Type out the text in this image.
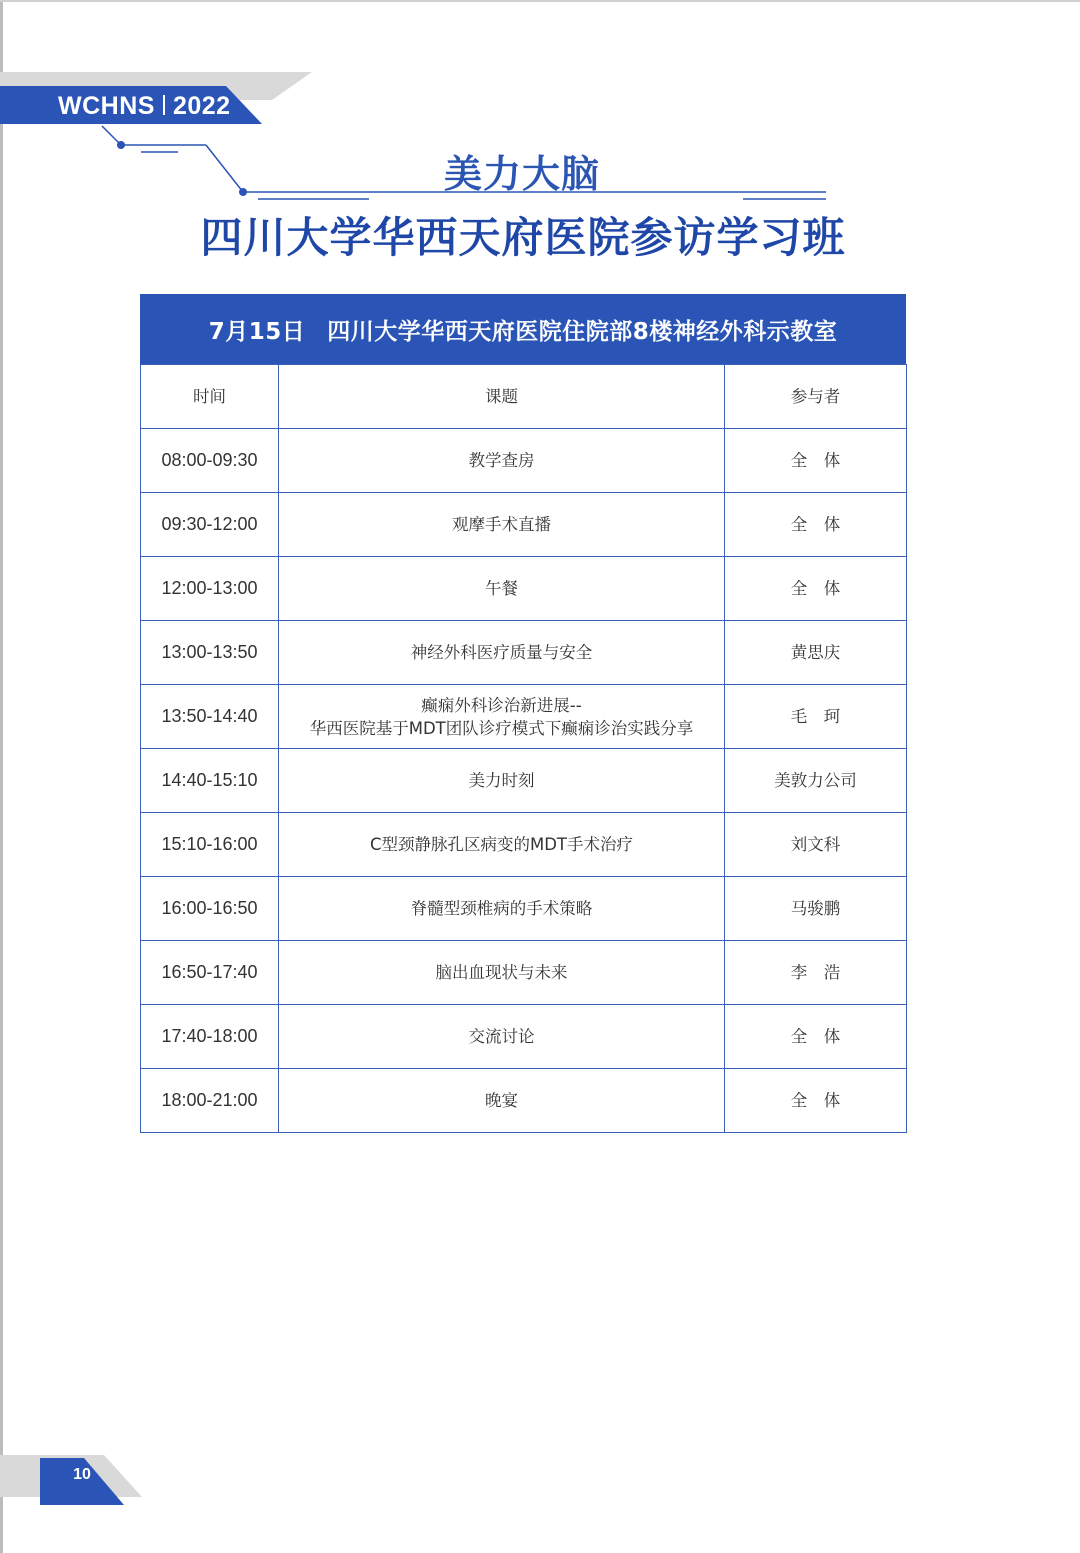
WCHNS 2022
美力大脑
四川大学华西天府医院参访学习班
7月15日 四川大学华西天府医院住院部8楼神经外科示教室
时间	课题	参与者
08:00-09:30	教学查房	全　体
09:30-12:00	观摩手术直播	全　体
12:00-13:00	午餐	全　体
13:00-13:50	神经外科医疗质量与安全	黄思庆
13:50-14:40	癫痫外科诊治新进展--
华西医院基于MDT团队诊疗模式下癫痫诊治实践分享	毛　珂
14:40-15:10	美力时刻	美敦力公司
15:10-16:00	C型颈静脉孔区病变的MDT手术治疗	刘文科
16:00-16:50	脊髓型颈椎病的手术策略	马骏鹏
16:50-17:40	脑出血现状与未来	李　浩
17:40-18:00	交流讨论	全　体
18:00-21:00	晚宴	全　体
10
